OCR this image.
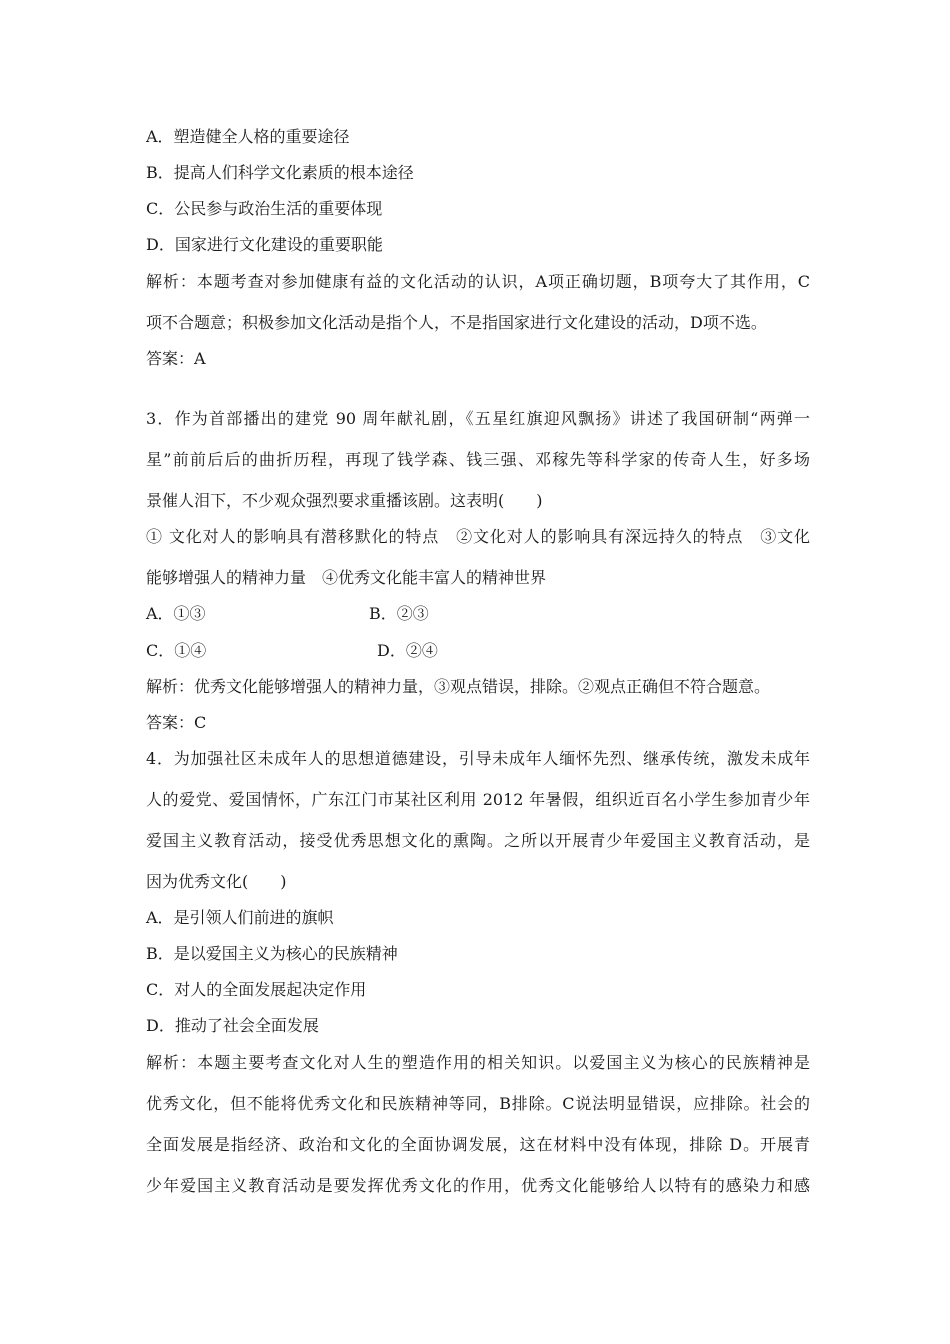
A．塑造健全人格的重要途径
B．提高人们科学文化素质的根本途径
C．公民参与政治生活的重要体现
D．国家进行文化建设的重要职能
解析：本题考查对参加健康有益的文化活动的认识，A项正确切题，B项夸大了其作用，C
项不合题意；积极参加文化活动是指个人，不是指国家进行文化建设的活动，D项不选。
答案：A
3．作为首部播出的建党 90 周年献礼剧，《五星红旗迎风飘扬》讲述了我国研制“两弹一
星”前前后后的曲折历程，再现了钱学森、钱三强、邓稼先等科学家的传奇人生，好多场
景催人泪下，不少观众强烈要求重播该剧。这表明(　　)
① 文化对人的影响具有潜移默化的特点　②文化对人的影响具有深远持久的特点　③文化
能够增强人的精神力量　④优秀文化能丰富人的精神世界
A．①③	B．②③
C．①④	D．②④
解析：优秀文化能够增强人的精神力量，③观点错误，排除。②观点正确但不符合题意。
答案：C
4．为加强社区未成年人的思想道德建设，引导未成年人缅怀先烈、继承传统，激发未成年
人的爱党、爱国情怀，广东江门市某社区利用 2012 年暑假，组织近百名小学生参加青少年
爱国主义教育活动，接受优秀思想文化的熏陶。之所以开展青少年爱国主义教育活动，是
因为优秀文化(　　)
A．是引领人们前进的旗帜
B．是以爱国主义为核心的民族精神
C．对人的全面发展起决定作用
D．推动了社会全面发展
解析：本题主要考查文化对人生的塑造作用的相关知识。以爱国主义为核心的民族精神是
优秀文化，但不能将优秀文化和民族精神等同，B排除。C说法明显错误，应排除。社会的
全面发展是指经济、政治和文化的全面协调发展，这在材料中没有体现，排除 D。开展青
少年爱国主义教育活动是要发挥优秀文化的作用，优秀文化能够给人以特有的感染力和感
